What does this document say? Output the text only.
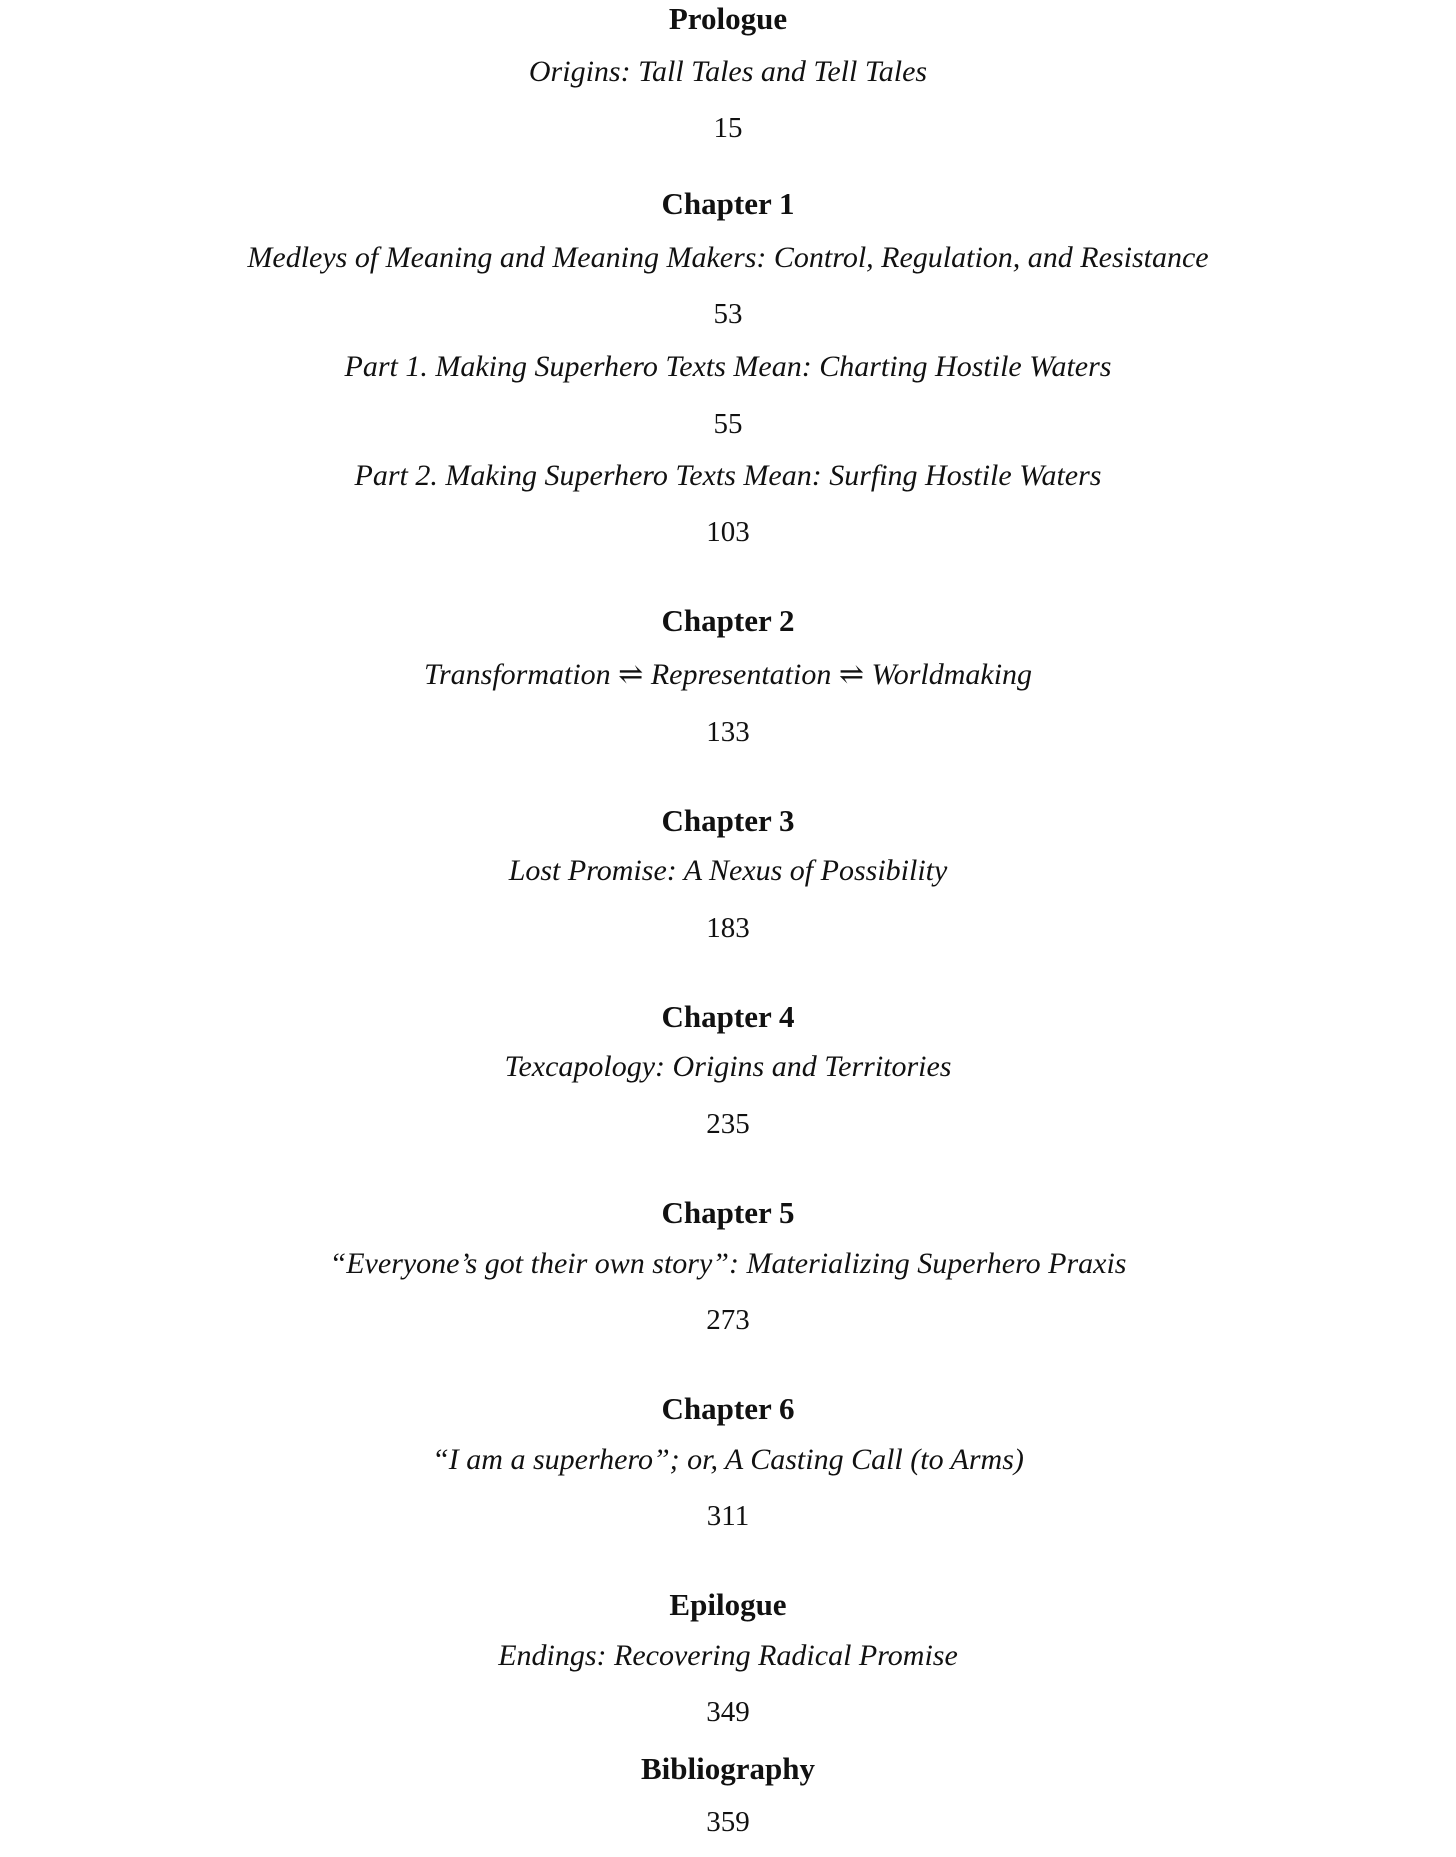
Prologue
Origins: Tall Tales and Tell Tales
15
Chapter 1
Medleys of Meaning and Meaning Makers: Control, Regulation, and Resistance
53
Part 1. Making Superhero Texts Mean: Charting Hostile Waters
55
Part 2. Making Superhero Texts Mean: Surfing Hostile Waters
103
Chapter 2
Transformation ⇌ Representation ⇌ Worldmaking
133
Chapter 3
Lost Promise: A Nexus of Possibility
183
Chapter 4
Texcapology: Origins and Territories
235
Chapter 5
“Everyone’s got their own story”: Materializing Superhero Praxis
273
Chapter 6
“I am a superhero”; or, A Casting Call (to Arms)
311
Epilogue
Endings: Recovering Radical Promise
349
Bibliography
359
